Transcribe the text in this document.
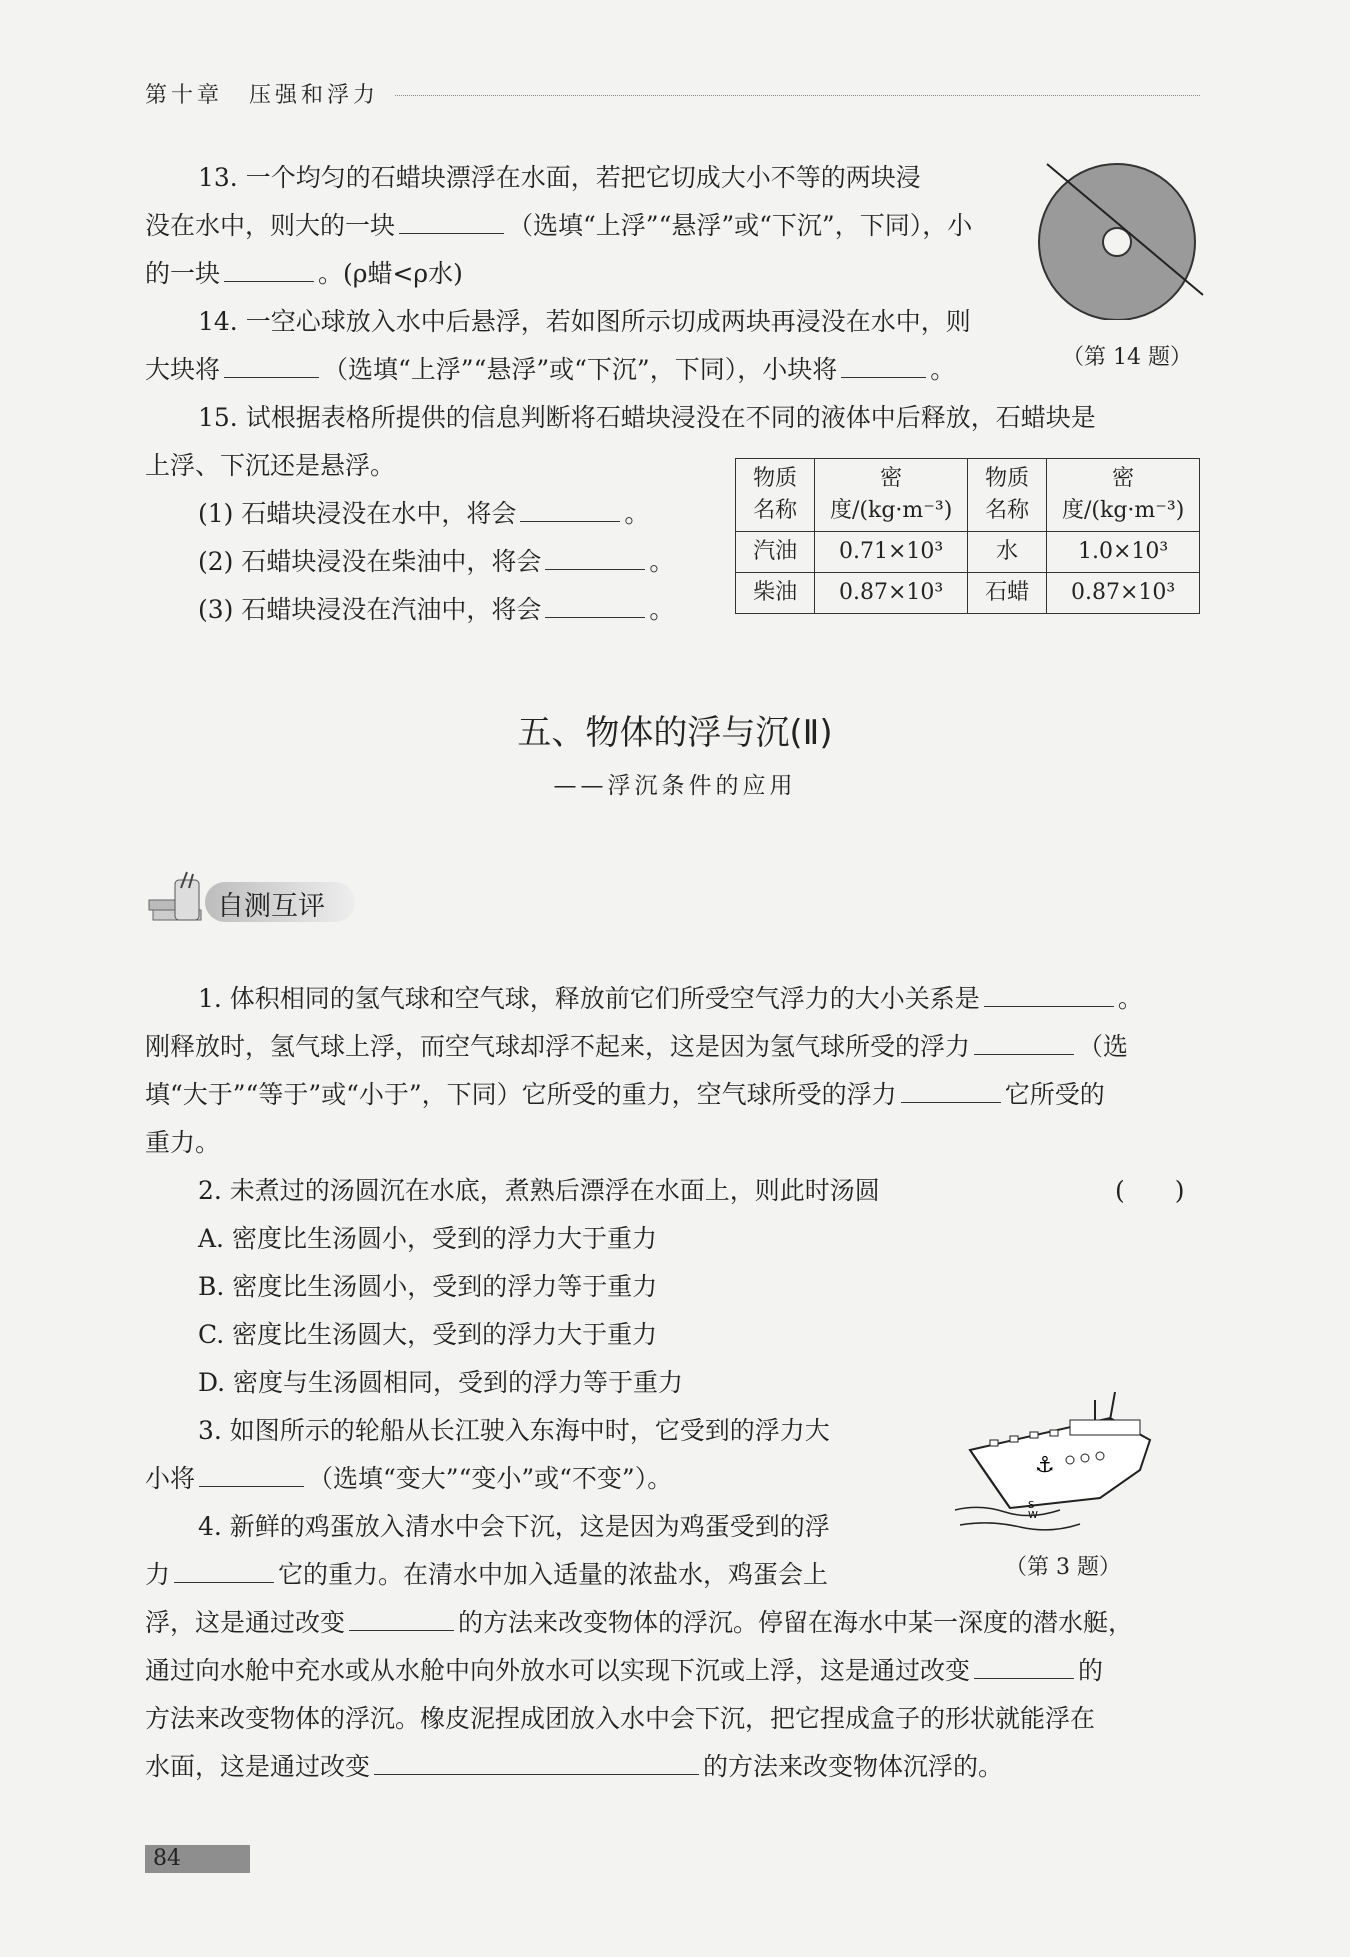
第十章　压强和浮力
13. 一个均匀的石蜡块漂浮在水面，若把它切成大小不等的两块浸
没在水中，则大的一块	（选填“上浮”“悬浮”或“下沉”，下同），小
的一块	。(ρ蜡<ρ水)
（第 14 题）
14. 一空心球放入水中后悬浮，若如图所示切成两块再浸没在水中，则
大块将	（选填“上浮”“悬浮”或“下沉”，下同），小块将	。
15. 试根据表格所提供的信息判断将石蜡块浸没在不同的液体中后释放，石蜡块是
上浮、下沉还是悬浮。
(1) 石蜡块浸没在水中，将会	。
(2) 石蜡块浸没在柴油中，将会	。
(3) 石蜡块浸没在汽油中，将会	。
物质名称	密度/(kg·m⁻³)	物质名称	密度/(kg·m⁻³)
汽油	0.71×10³	水	1.0×10³
柴油	0.87×10³	石蜡	0.87×10³
五、物体的浮与沉(Ⅱ)
——浮沉条件的应用
自测互评
1. 体积相同的氢气球和空气球，释放前它们所受空气浮力的大小关系是	。
刚释放时，氢气球上浮，而空气球却浮不起来，这是因为氢气球所受的浮力	（选
填“大于”“等于”或“小于”，下同）它所受的重力，空气球所受的浮力	它所受的
重力。
2. 未煮过的汤圆沉在水底，煮熟后漂浮在水面上，则此时汤圆	(　　)
A. 密度比生汤圆小，受到的浮力大于重力
B. 密度比生汤圆小，受到的浮力等于重力
C. 密度比生汤圆大，受到的浮力大于重力
D. 密度与生汤圆相同，受到的浮力等于重力
⚓
S
W
（第 3 题）
3. 如图所示的轮船从长江驶入东海中时，它受到的浮力大
小将	（选填“变大”“变小”或“不变”）。
4. 新鲜的鸡蛋放入清水中会下沉，这是因为鸡蛋受到的浮
力	它的重力。在清水中加入适量的浓盐水，鸡蛋会上
浮，这是通过改变	的方法来改变物体的浮沉。停留在海水中某一深度的潜水艇，
通过向水舱中充水或从水舱中向外放水可以实现下沉或上浮，这是通过改变	的
方法来改变物体的浮沉。橡皮泥捏成团放入水中会下沉，把它捏成盒子的形状就能浮在
水面，这是通过改变	的方法来改变物体沉浮的。
84
